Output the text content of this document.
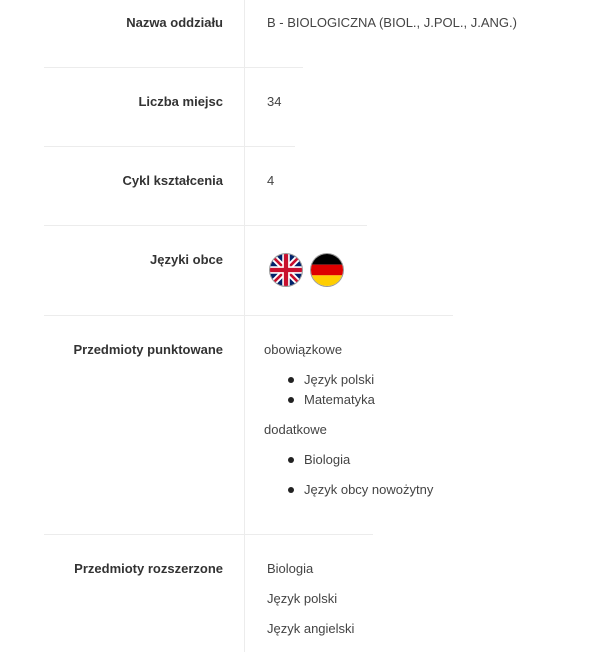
Nazwa oddziału	B - BIOLOGICZNA (BIOL., J.POL., J.ANG.)
Liczba miejsc	34
Cykl kształcenia	4
Języki obce
Przedmioty punktowane	obowiązkowe
Język polski
Matematyka
dodatkowe
Biologia
Język obcy nowożytny
Przedmioty rozszerzone	Biologia
Język polski
Język angielski
